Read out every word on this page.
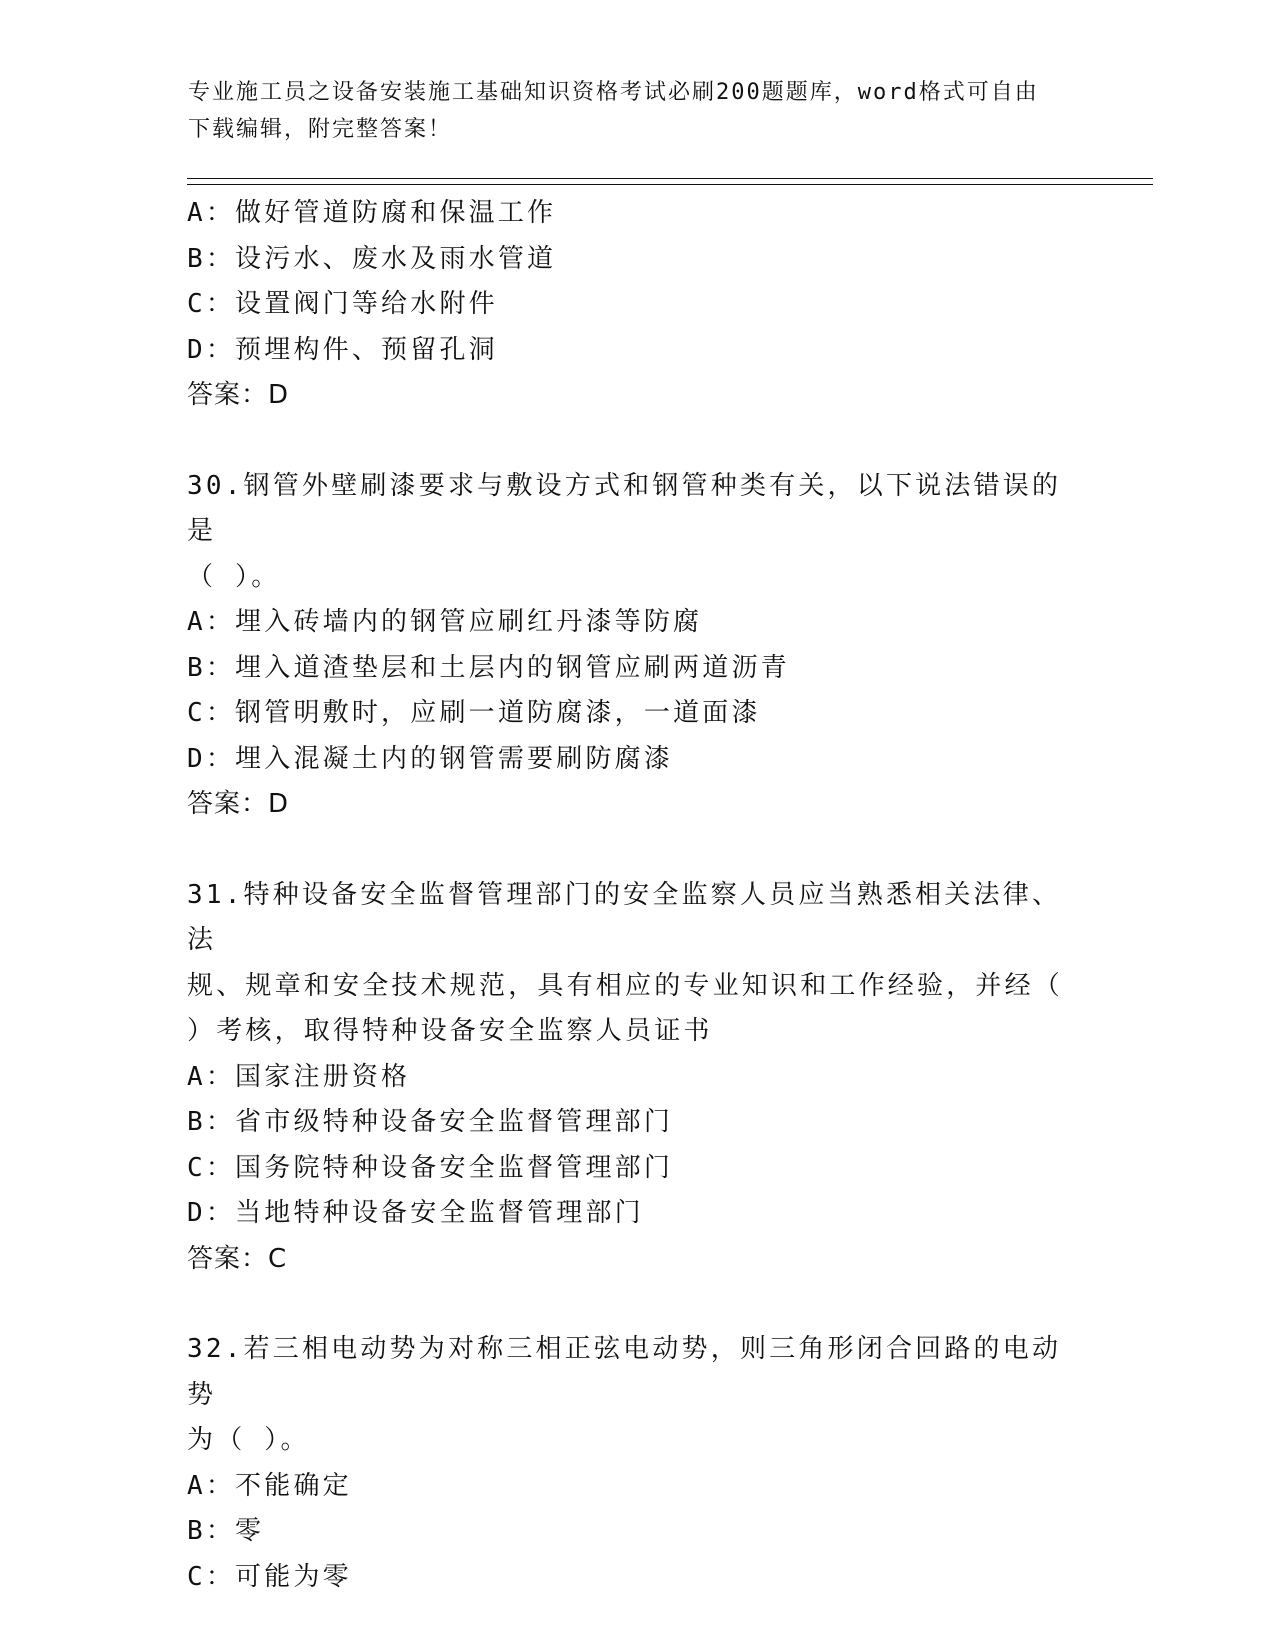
专业施工员之设备安装施工基础知识资格考试必刷200题题库，word格式可自由
下载编辑，附完整答案！
A：做好管道防腐和保温工作
B：设污水、废水及雨水管道
C：设置阀门等给水附件
D：预埋构件、预留孔洞
答案：D
30.钢管外壁刷漆要求与敷设方式和钢管种类有关，以下说法错误的是
（ ）。
A：埋入砖墙内的钢管应刷红丹漆等防腐
B：埋入道渣垫层和土层内的钢管应刷两道沥青
C：钢管明敷时，应刷一道防腐漆，一道面漆
D：埋入混凝土内的钢管需要刷防腐漆
答案：D
31.特种设备安全监督管理部门的安全监察人员应当熟悉相关法律、法
规、规章和安全技术规范，具有相应的专业知识和工作经验，并经（
）考核，取得特种设备安全监察人员证书
A：国家注册资格
B：省市级特种设备安全监督管理部门
C：国务院特种设备安全监督管理部门
D：当地特种设备安全监督管理部门
答案：C
32.若三相电动势为对称三相正弦电动势，则三角形闭合回路的电动势
为（ ）。
A：不能确定
B：零
C：可能为零
